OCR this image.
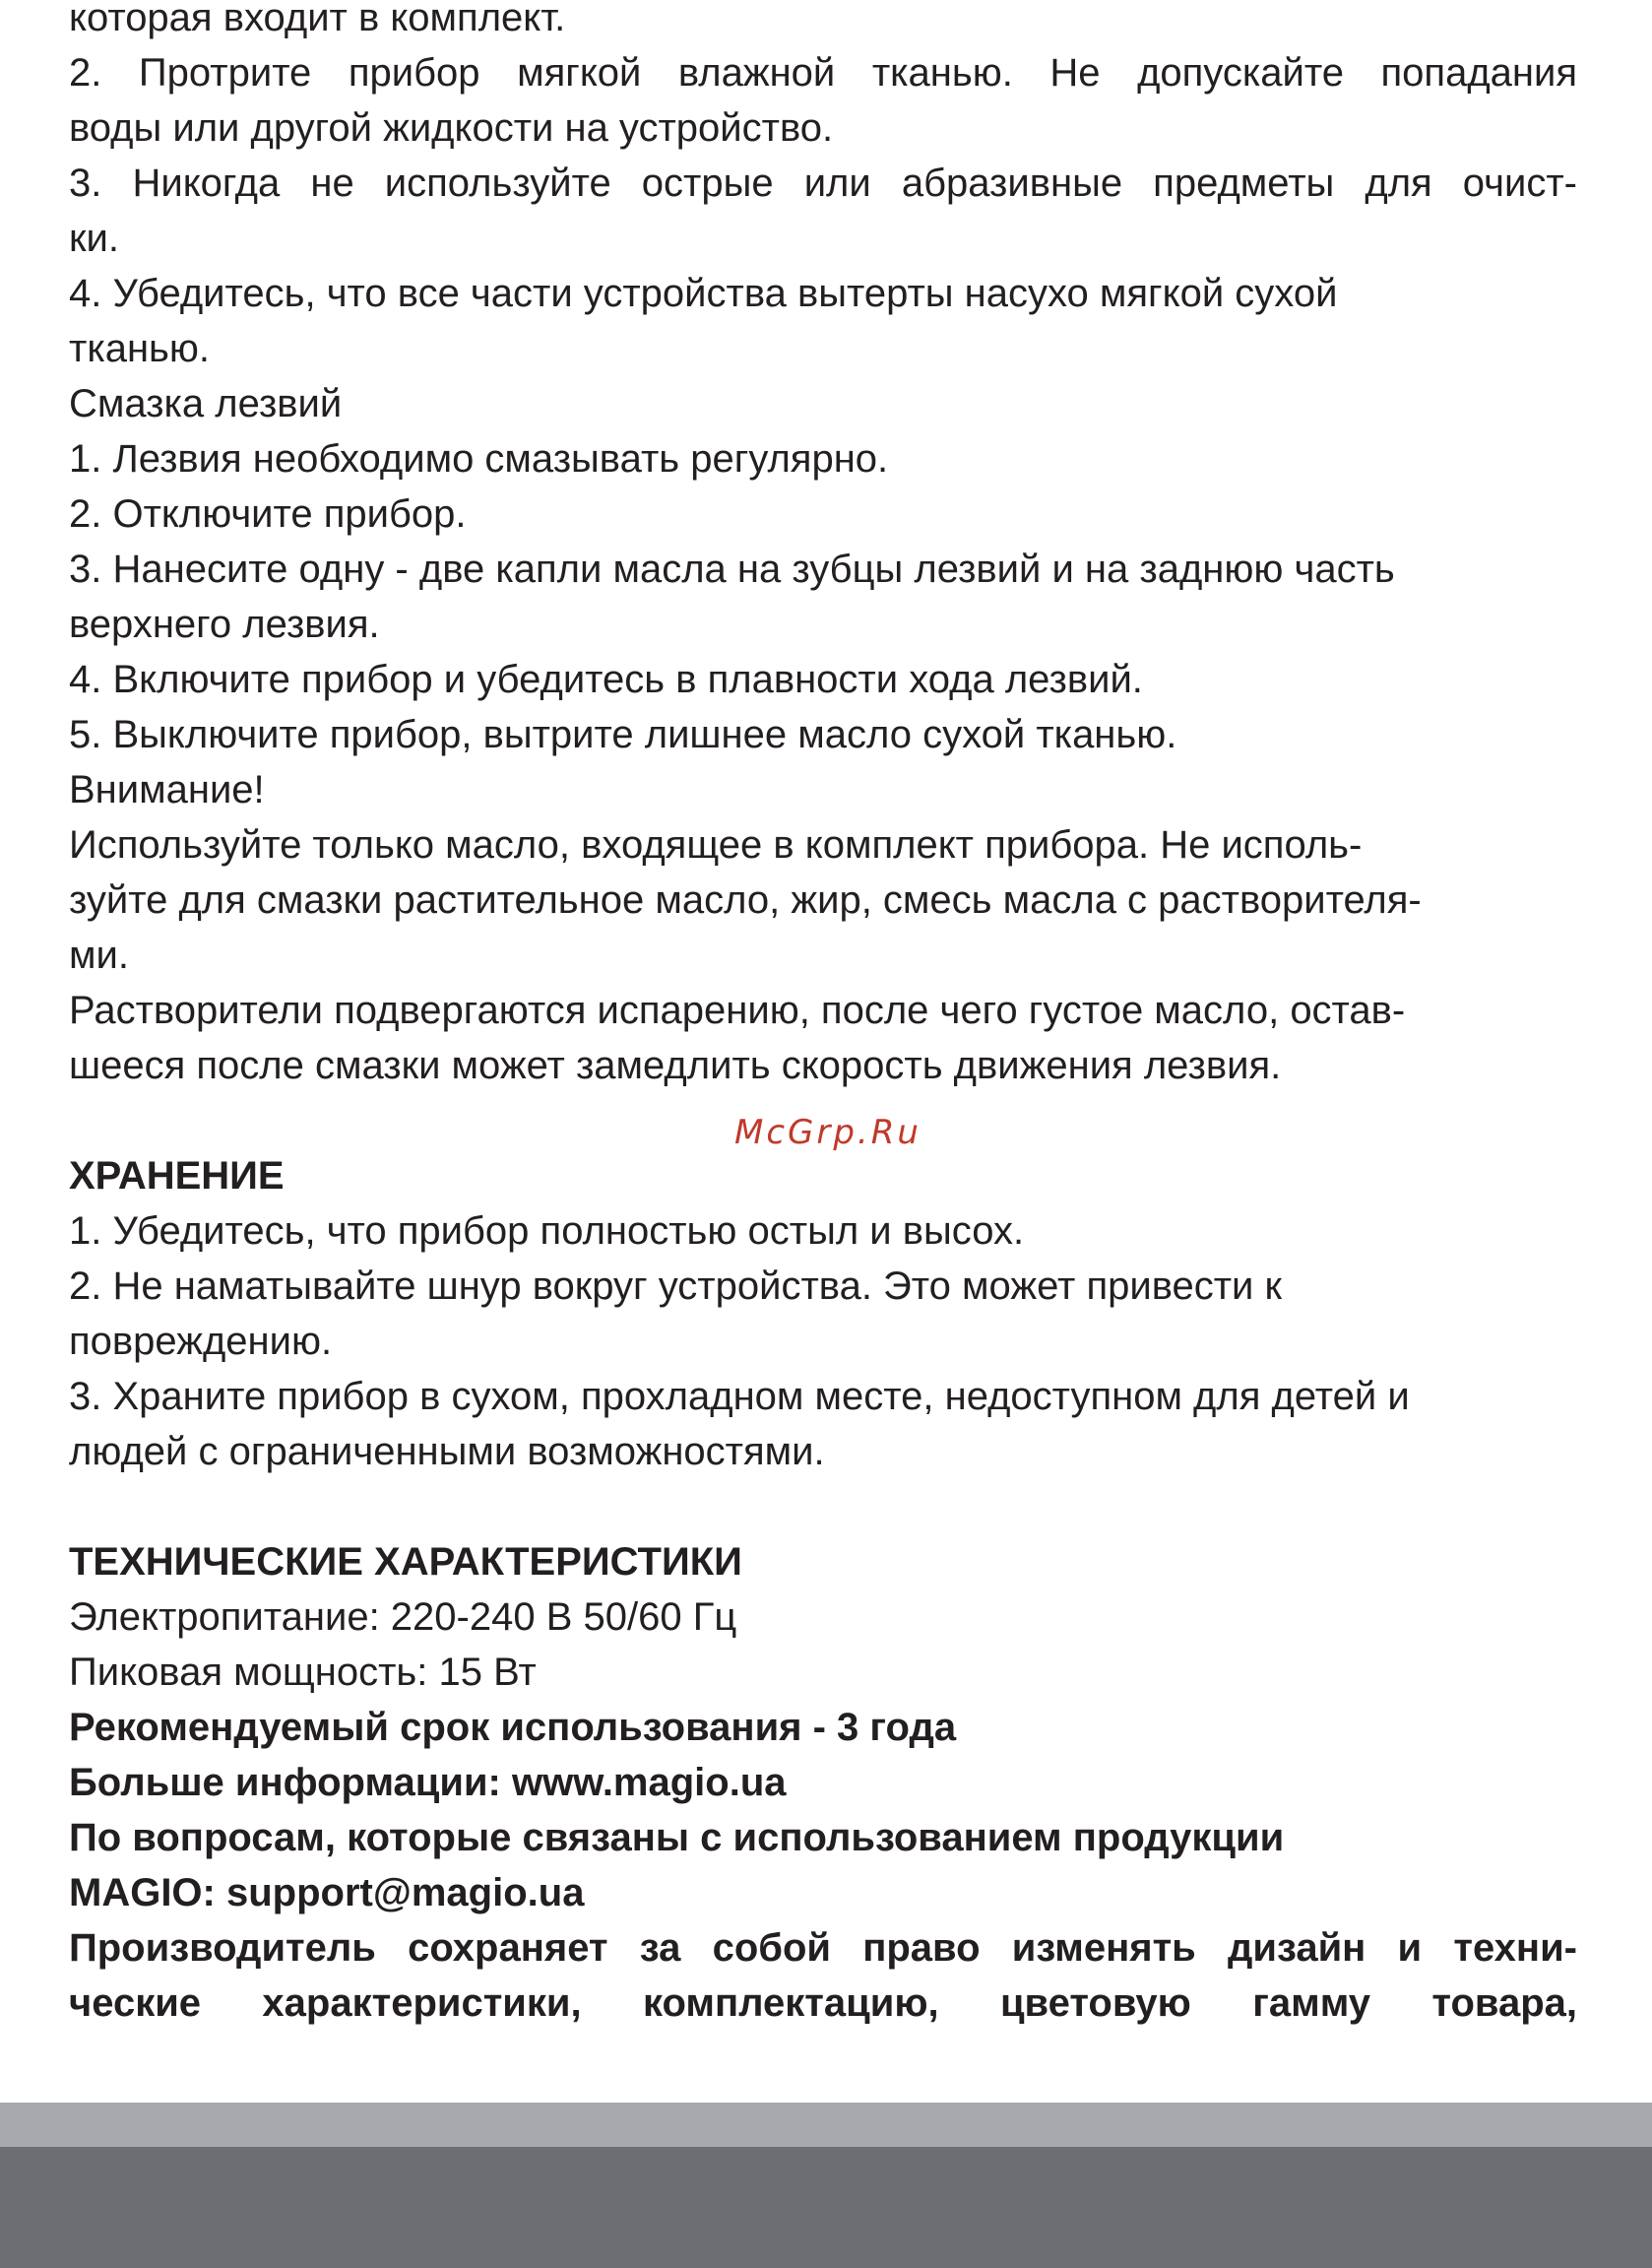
которая входит в комплект.
2. Протрите прибор мягкой влажной тканью. Не допускайте попадания
воды или другой жидкости на устройство.
3. Никогда не используйте острые или абразивные предметы для очист-
ки.
4. Убедитесь, что все части устройства вытерты насухо мягкой сухой
тканью.
Смазка лезвий
1. Лезвия необходимо смазывать регулярно.
2. Отключите прибор.
3. Нанесите одну - две капли масла на зубцы лезвий и на заднюю часть
верхнего лезвия.
4. Включите прибор и убедитесь в плавности хода лезвий.
5. Выключите прибор, вытрите лишнее масло сухой тканью.
Внимание!
Используйте только масло, входящее в комплект прибора. Не исполь-
зуйте для смазки растительное масло, жир, смесь масла с растворителя-
ми.
Растворители подвергаются испарению, после чего густое масло, остав-
шееся после смазки может замедлить скорость движения лезвия.
ХРАНЕНИЕ
1. Убедитесь, что прибор полностью остыл и высох.
2. Не наматывайте шнур вокруг устройства. Это может привести к
повреждению.
3. Храните прибор в сухом, прохладном месте, недоступном для детей и
людей с ограниченными возможностями.
ТЕХНИЧЕСКИЕ ХАРАКТЕРИСТИКИ
Электропитание: 220-240 В 50/60 Гц
Пиковая мощность: 15 Вт
Рекомендуемый срок использования - 3 года
Больше информации: www.magio.ua
По вопросам, которые связаны с использованием продукции
MAGIO: support@magio.ua
Производитель сохраняет за собой право изменять дизайн и техни-
ческие характеристики, комплектацию, цветовую гамму товара,
McGrp.Ru
